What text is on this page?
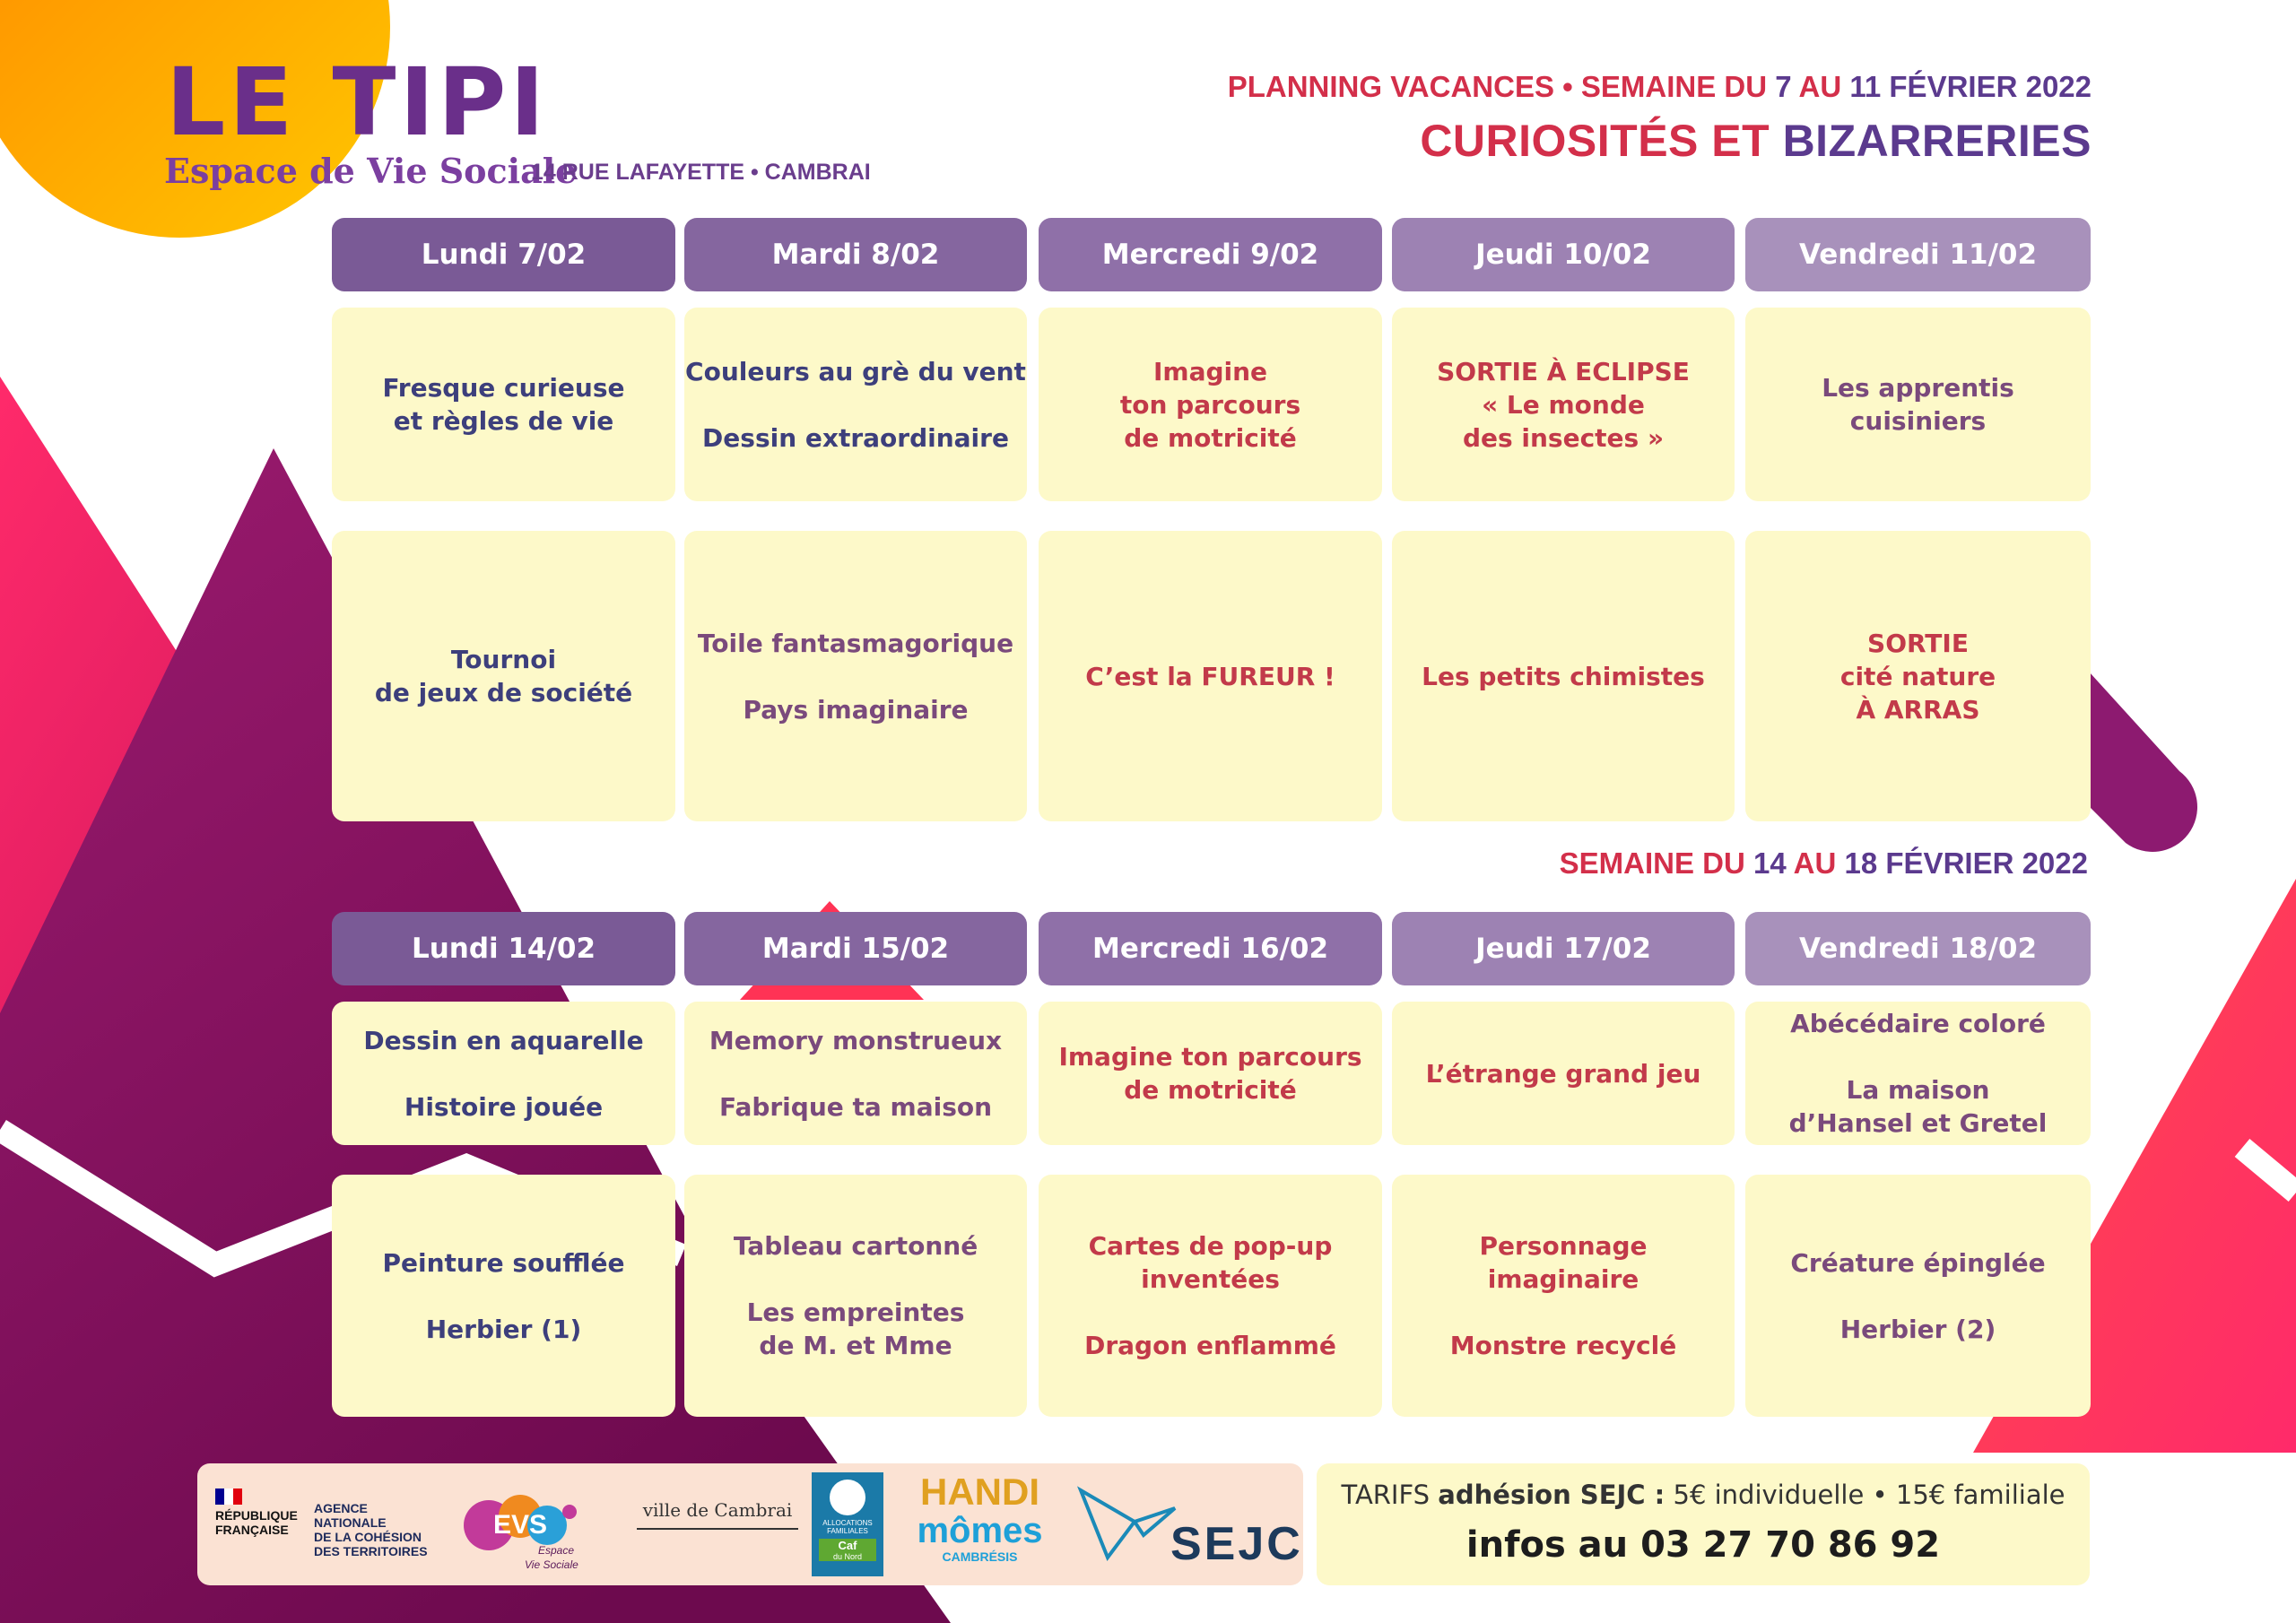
LE TIPI
Espace de Vie Sociale
14 RUE LAFAYETTE • CAMBRAI
PLANNING VACANCES • SEMAINE DU 7 AU 11 FÉVRIER 2022
CURIOSITÉS ET BIZARRERIES
Lundi 7/02
Fresque curieuse
et règles de vie
Tournoi
de jeux de société
Mardi 8/02
Couleurs au grè du vent
Dessin extraordinaire
Toile fantasmagorique
Pays imaginaire
Mercredi 9/02
Imagine
ton parcours
de motricité
C’est la FUREUR !
Jeudi 10/02
SORTIE À ECLIPSE
« Le monde
des insectes »
Les petits chimistes
Vendredi 11/02
Les apprentis
cuisiniers
SORTIE
cité nature
À ARRAS
SEMAINE DU 14 AU 18 FÉVRIER 2022
Lundi 14/02
Dessin en aquarelle
Histoire jouée
Peinture soufflée
Herbier (1)
Mardi 15/02
Memory monstrueux
Fabrique ta maison
Tableau cartonné
Les empreintes
de M. et Mme
Mercredi 16/02
Imagine ton parcours
de motricité
Cartes de pop-up
inventées
Dragon enflammé
Jeudi 17/02
L’étrange grand jeu
Personnage
imaginaire
Monstre recyclé
Vendredi 18/02
Abécédaire coloré
La maison
d’Hansel et Gretel
Créature épinglée
Herbier (2)
RÉPUBLIQUE
FRANÇAISE
AGENCE
NATIONALE
DE LA COHÉSION
DES TERRITOIRES
EVS
Espace
Vie Sociale
ville de Cambrai
ALLOCATIONS
FAMILIALES
Caf
du Nord
HANDI
mômes
CAMBRÉSIS	SEJC
TARIFS adhésion SEJC : 5€ individuelle • 15€ familiale
infos au 03 27 70 86 92
